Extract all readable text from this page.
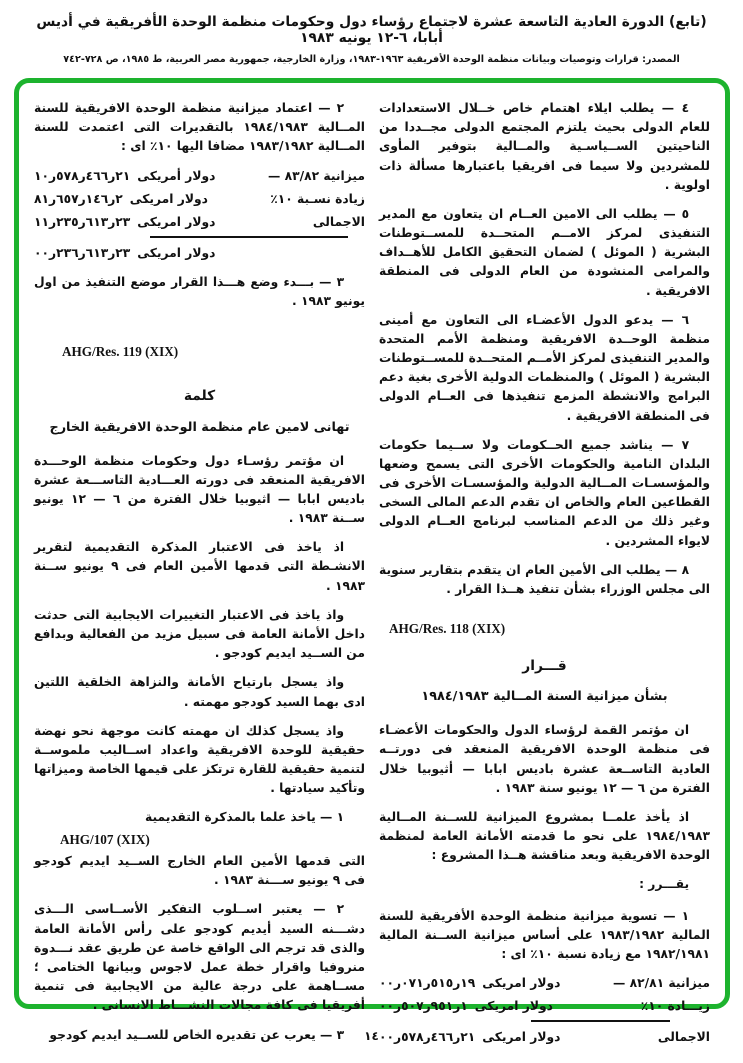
(تابع) الدورة العادية التاسعة عشرة لاجتماع رؤساء دول وحكومات منظمة الوحدة الأفريقية في أديس أبابا، ٦-١٢ يونيه ١٩٨٣
المصدر: قرارات وتوصيات وبيانات منظمة الوحدة الأفريقية ١٩٦٣-١٩٨٣، وزارة الخارجية، جمهورية مصر العربية، ط ١٩٨٥، ص ٧٢٨-٧٤٢

٤ — يطلب ايلاء اهتمام خاص خــلال الاستعدادات للعام الدولى بحيث يلتزم المجتمع الدولى مجــددا من الناحيتين الســياسـية والمــالية بتوفير المأوى للمشردين ولا سيما فى افريقيا باعتبارها مسألة ذات اولوية .

٥ — يطلب الى الامين العــام ان يتعاون مع المدير التنفيذى لمركز الامــم المتحــدة للمســتوطنات البشرية ( الموئل ) لضمان التحقيق الكامل للأهــداف والمرامى المنشودة من العام الدولى فى المنطقة الافريقية .

٦ — يدعو الدول الأعضـاء الى التعاون مع أمينى منظمة الوحــدة الافريقية ومنظمة الأمم المتحدة والمدير التنفيذى لمركز الأمــم المتحــدة للمســتوطنات البشرية ( الموئل ) والمنظمات الدولية الأخرى بغية دعم البرامج والانشطة المزمع تنفيذها فى العــام الدولى فى المنطقة الافريقية .

٧ — يناشد جميع الحــكومات ولا ســيما حكومات البلدان النامية والحكومات الأخرى التى يسمح وضعها والمؤسسـات المــالية الدولية والمؤسسـات الأخرى فى القطاعين العام والخاص ان تقدم الدعم المالى السخى وغير ذلك من الدعم المناسب لبرنامج العــام الدولى لايواء المشردين .

٨ — يطلب الى الأمين العام ان يتقدم بتقارير سنوية الى مجلس الوزراء بشأن تنفيذ هــذا القرار .

AHG/Res. 118 (XIX)
قـــرار
بشأن ميزانية السنة المــالية ١٩٨٤/١٩٨٣

ان مؤتمر القمة لرؤساء الدول والحكومات الأعضـاء فى منظمة الوحدة الافريقية المنعقد فى دورتــه العادية التاســعة عشرة باديس ابابا — أثيوبيا خلال الفترة من ٦ — ١٢ يونيو سنة ١٩٨٣ .

اذ يأخذ علمــا بمشروع الميزانية للســنة المــالية ١٩٨٤/١٩٨٣ على نحو ما قدمته الأمانة العامة لمنظمة الوحدة الافريقية وبعد مناقشة هــذا المشروع :

يقـــرر :

١ — تسوية ميزانية منظمة الوحدة الأفريقية للسنة المالية ١٩٨٣/١٩٨٢ على أساس ميزانية الســنة المالية ١٩٨٢/١٩٨١ مع زيادة نسبة ١٠٪ اى :

ميزانية ٨٢/٨١ —
دولار امريكى
٠٠ر٠٧١ر٥١٥ر١٩
زيـــادة ١٠٪
دولار امريكى
٠٠ر٥٠٧ر٩٥١ر١
الاجمالى
دولار امريكى
٠٠ر٥٧٨ر٤٦٦ر٢١

٢ — اعتماد ميزانية منظمة الوحدة الافريقية للسنة المــالية ١٩٨٤/١٩٨٣ بالتقديرات التى اعتمدت للسنة المــالية ١٩٨٣/١٩٨٢ مضافا اليها ١٠٪ اى :

ميزانية ٨٣/٨٢ —
دولار أمريكى
١٠ر٥٧٨ر٤٦٦ر٢١
زيادة نسـبة ١٠٪
دولار امريكى
٨١ر٦٥٧ر١٤٦ر٢
الاجمالى
دولار امريكى
١١ر٢٣٥ر٦١٣ر٢٣
دولار امريكى
٠٠ر٢٣٦ر٦١٣ر٢٣

٣ — بـــدء وضع هـــذا القرار موضع التنفيذ من اول يونيو ١٩٨٣ .

AHG/Res. 119 (XIX)
كلمة
تهانى لامين عام منظمة الوحدة الافريقية الخارج

ان مؤتمر رؤسـاء دول وحكومات منظمة الوحـــدة الافريقية المنعقد فى دورته العـــادية التاســـعة عشرة باديس ابابا — اثيوبيا خلال الفترة من ٦ — ١٢ يونيو ســنة ١٩٨٣ .

اذ ياخذ فى الاعتبار المذكرة التقديمية لتقرير الانشـطة التى قدمها الأمين العام فى ٩ يونيو ســنة ١٩٨٣ .

واذ ياخذ فى الاعتبار التغييرات الايجابية التى حدثت داخل الأمانة العامة فى سبيل مزيد من الفعالية وبدافع من الســيد ايديم كودجو .

واذ يسجل بارتياح الأمانة والنزاهة الخلقية اللتين ادى بهما السيد كودجو مهمته .

واذ يسجل كذلك ان مهمته كانت موجهة نحو نهضة حقيقية للوحدة الافريقية واعداد اســاليب ملموســة لتنمية حقيقية للقارة ترتكز على قيمها الخاصة وميزاتها وتأكيد سيادتها .

١ — ياخذ علما بالمذكرة التقديمية

AHG/107 (XIX)

التى قدمها الأمين العام الخارج الســيد ايديم كودجو فى ٩ يونيو ســـنة ١٩٨٣ .

٢ — يعتبر اســلوب التفكير الأســاسى الـــذى دشـــنه السيد أيديم كودجو على رأس الأمانة العامة والذى قد ترجم الى الواقع خاصة عن طريق عقد نـــدوة منروفيا واقرار خطة عمل لاجوس وبيانها الختامى ؛ مســاهمة على درجة عالية من الايجابية فى تنمية أفريقيا فى كافة مجالات النشـــاط الانسانى .

٣ — يعرب عن تقديره الخاص للســيد ايديم كودجو	١٤
